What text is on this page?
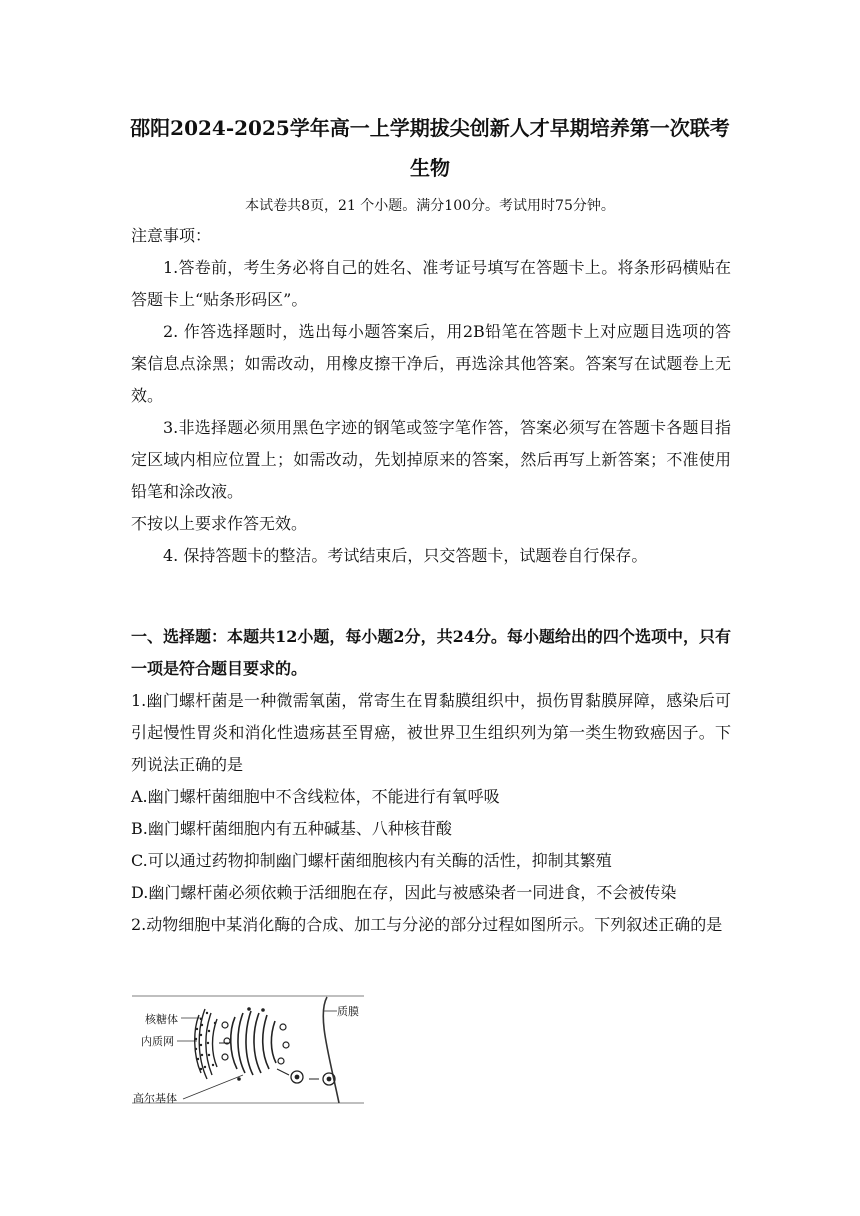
邵阳2024-2025学年高一上学期拔尖创新人才早期培养第一次联考
生物
本试卷共8页，21 个小题。满分100分。考试用时75分钟。

注意事项：

1.答卷前，考生务必将自己的姓名、准考证号填写在答题卡上。将条形码横贴在答题卡上“贴条形码区”。

2. 作答选择题时，选出每小题答案后，用2B铅笔在答题卡上对应题目选项的答案信息点涂黑；如需改动，用橡皮擦干净后，再选涂其他答案。答案写在试题卷上无效。

3.非选择题必须用黑色字迹的钢笔或签字笔作答，答案必须写在答题卡各题目指定区域内相应位置上；如需改动，先划掉原来的答案，然后再写上新答案；不准使用铅笔和涂改液。

不按以上要求作答无效。

4. 保持答题卡的整洁。考试结束后，只交答题卡，试题卷自行保存。

一、选择题：本题共12小题，每小题2分，共24分。每小题给出的四个选项中，只有一项是符合题目要求的。

1.幽门螺杆菌是一种微需氧菌，常寄生在胃黏膜组织中，损伤胃黏膜屏障，感染后可引起慢性胃炎和消化性遗疡甚至胃癌，被世界卫生组织列为第一类生物致癌因子。下列说法正确的是

A.幽门螺杆菌细胞中不含线粒体，不能进行有氧呼吸

B.幽门螺杆菌细胞内有五种碱基、八种核苷酸

C.可以通过药物抑制幽门螺杆菌细胞核内有关酶的活性，抑制其繁殖

D.幽门螺杆菌必须依赖于活细胞在存，因此与被感染者一同进食，不会被传染

2.动物细胞中某消化酶的合成、加工与分泌的部分过程如图所示。下列叙述正确的是

核糖体
内质网
高尔基体
质膜
